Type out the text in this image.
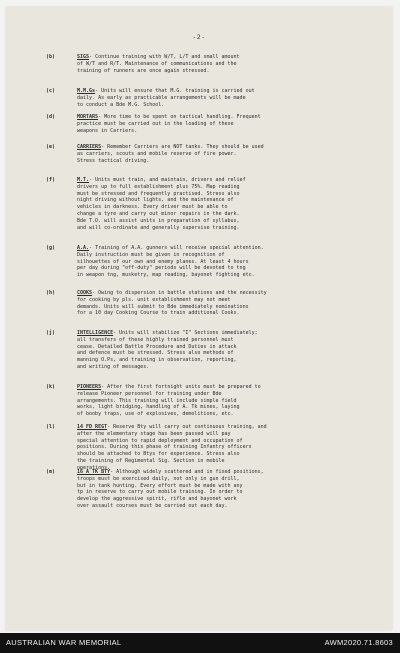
-2-
(b)	SIGS- Continue training with W/T, L/T and small amount
of W/T and R/T. Maintenance of communications and the
training of runners are once again stressed.
(c)	M.M.Gs- Units will ensure that M.G. training is carried out
daily. As early as practicable arrangements will be made
to conduct a Bde M.G. School.
(d)	MORTARS- More time to be spent on tactical handling. Frequent
practice must be carried out in the loading of these
weapons in Carriers.
(e)	CARRIERS- Remember Carriers are NOT tanks. They should be used
as carriers, scouts and mobile reserve of fire power.
Stress tactical driving.
(f)	M.T.- Units must train, and maintain, drivers and relief
drivers up to full establishment plus 75%. Map reading
must be stressed and frequently practised. Stress also
night driving without lights, and the maintenance of
vehicles in darkness. Every driver must be able to
change a tyre and carry out minor repairs in the dark.
Bde T.O. will assist units in preparation of syllabus,
and will co-ordinate and generally supervise training.
(g)	A.A.- Training of A.A. gunners will receive special attention.
Daily instruction must be given in recognition of
silhouettes of our own and enemy planes. At least 4 hours
per day during "off-duty" periods will be devoted to tng
in weapon tng, musketry, map reading, bayonet fighting etc.
(h)	COOKS- Owing to dispersion in battle stations and the necessity
for cooking by pls. unit establishment may not meet
demands. Units will submit to Bde immediately nominations
for a 10 day Cooking Course to train additional Cooks.
(j)	INTELLIGENCE- Units will stabilize "I" Sections immediately;
all transfers of these highly trained personnel must
cease. Detailed Battle Procedure and Duties in attack
and defence must be stressed. Stress also methods of
manning O.Ps, and training in observation, reporting,
and writing of messages.
(k)	PIONEERS- After the first fortnight units must be prepared to
release Pioneer personnel for training under Bde
arrangements. This training will include simple field
works, light bridging, handling of A. Tk mines, laying
of booby traps, use of explosives, demolitions, etc.
(l)	14 FD REGT- Reserve Bty will carry out continuous training, and
after the elementary stage has been passed will pay
special attention to rapid deployment and occupation of
positions. During this phase of training Infantry officers
should be attached to Btys for experience. Stress also
the training of Regimental Sig. Section in mobile
operations.
(m)	16 A TK BTY- Although widely scattered and in fixed positions,
troops must be exercised daily, not only in gun drill,
but in tank hunting. Every effort must be made with any
tp in reserve to carry out mobile training. In order to
develop the aggressive spirit, rifle and bayonet work
over assault courses must be carried out each day.
AUSTRALIAN WAR MEMORIAL	AWM2020.71.8603
